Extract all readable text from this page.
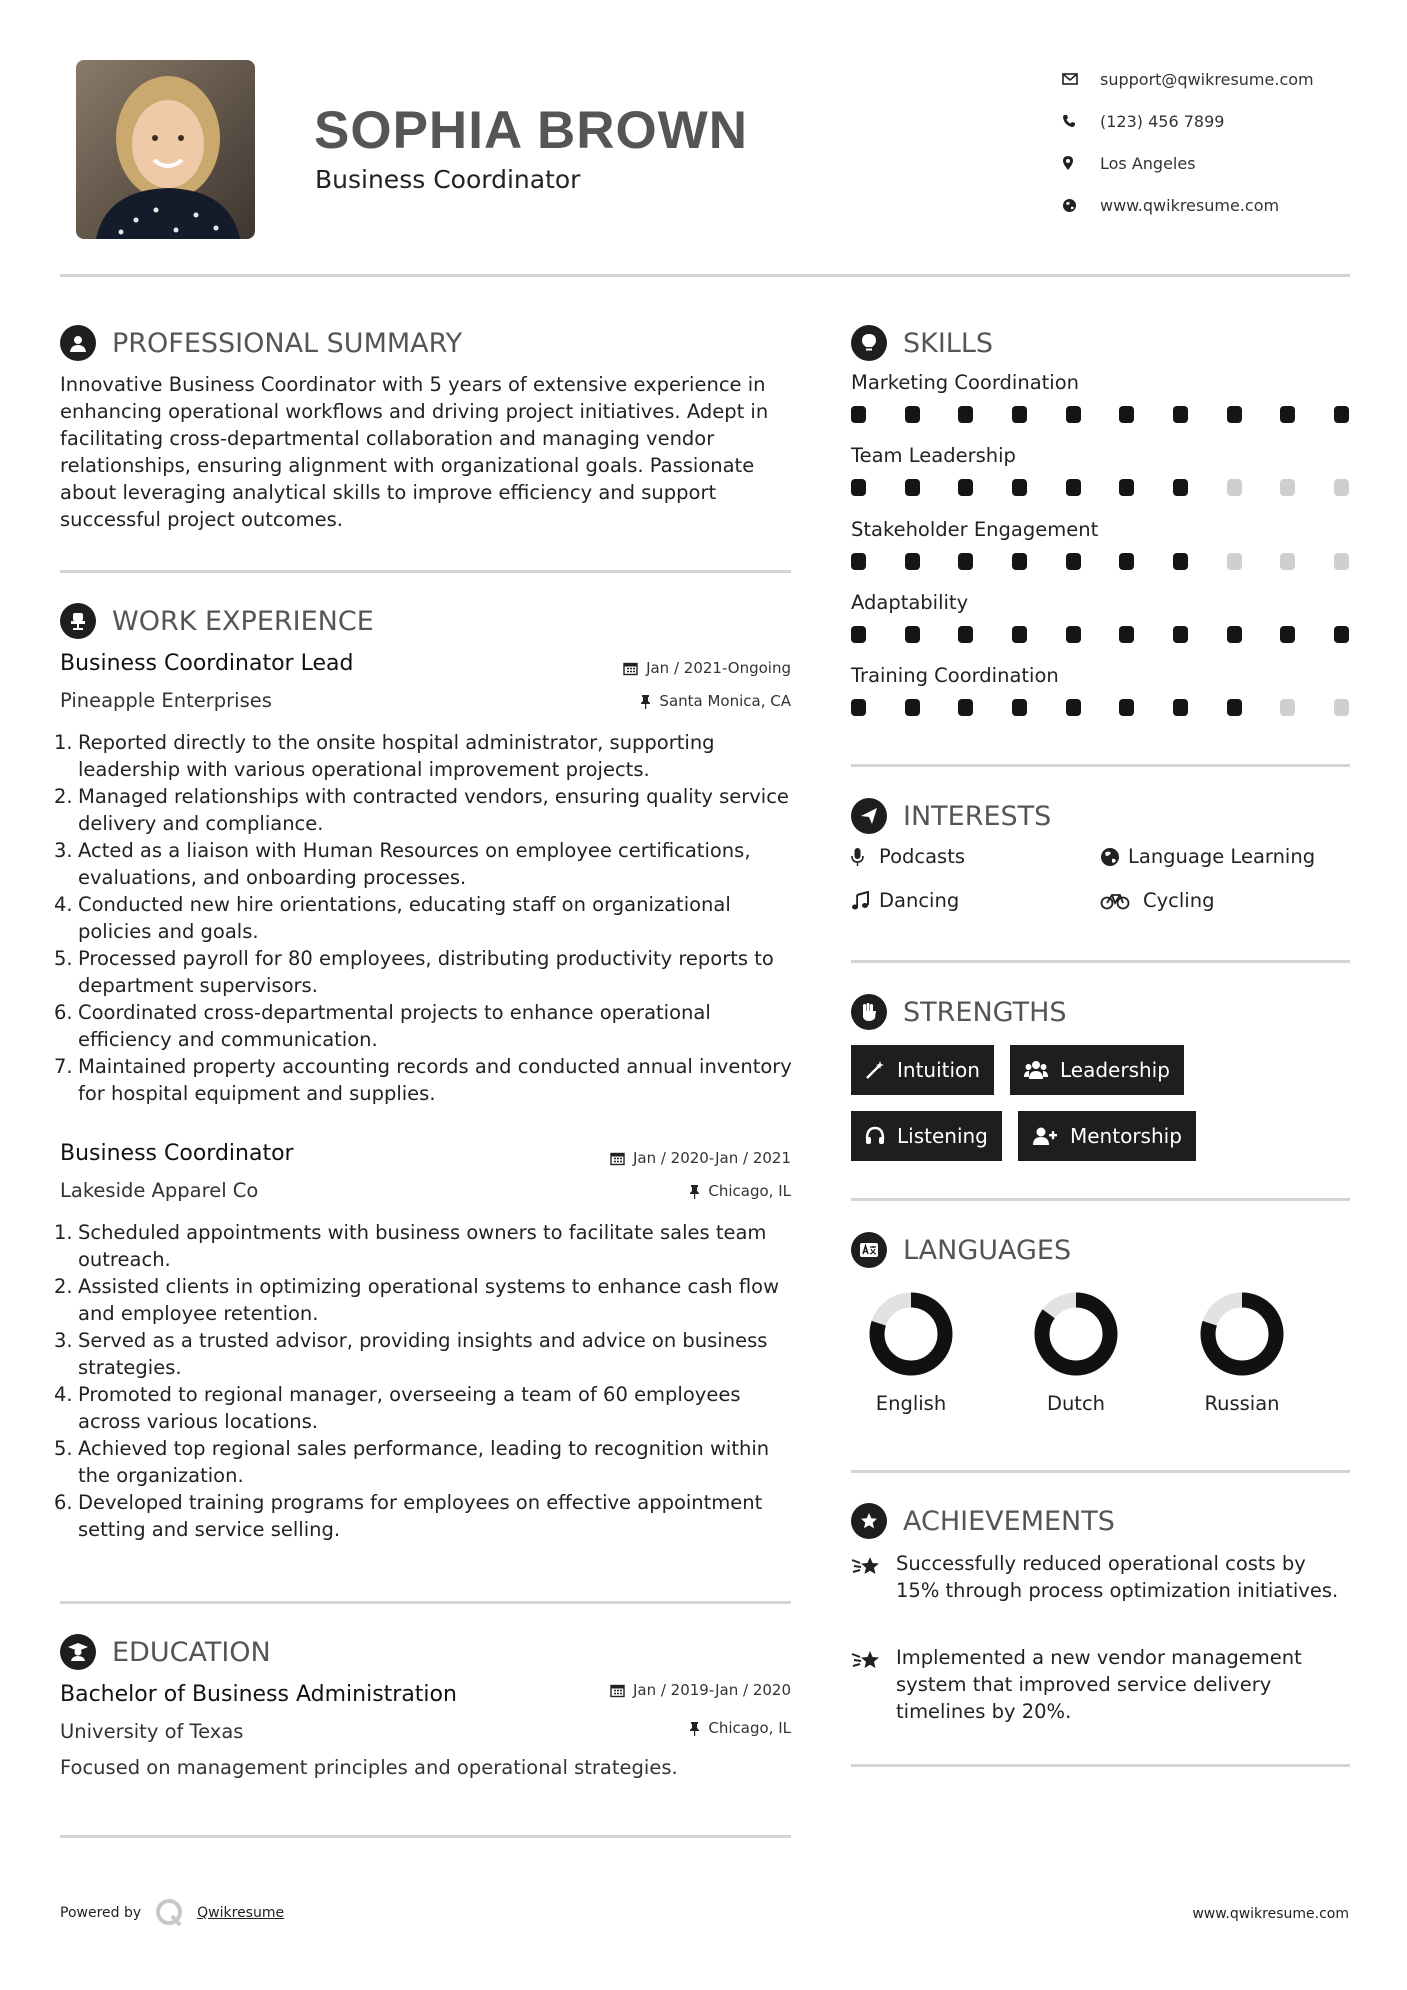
SOPHIA BROWN
Business Coordinator
support@qwikresume.com
(123) 456 7899
Los Angeles
www.qwikresume.com
PROFESSIONAL SUMMARY

Innovative Business Coordinator with 5 years of extensive experience in enhancing operational workflows and driving project initiatives. Adept in facilitating cross-departmental collaboration and managing vendor relationships, ensuring alignment with organizational goals. Passionate about leveraging analytical skills to improve efficiency and support successful project outcomes.

WORK EXPERIENCE
Business Coordinator Lead	Jan / 2021-Ongoing
Pineapple Enterprises	Santa Monica, CA
1. Reported directly to the onsite hospital administrator, supporting leadership with various operational improvement projects.
2. Managed relationships with contracted vendors, ensuring quality service delivery and compliance.
3. Acted as a liaison with Human Resources on employee certifications, evaluations, and onboarding processes.
4. Conducted new hire orientations, educating staff on organizational policies and goals.
5. Processed payroll for 80 employees, distributing productivity reports to department supervisors.
6. Coordinated cross-departmental projects to enhance operational efficiency and communication.
7. Maintained property accounting records and conducted annual inventory for hospital equipment and supplies.
Business Coordinator	Jan / 2020-Jan / 2021
Lakeside Apparel Co	Chicago, IL
1. Scheduled appointments with business owners to facilitate sales team outreach.
2. Assisted clients in optimizing operational systems to enhance cash flow and employee retention.
3. Served as a trusted advisor, providing insights and advice on business strategies.
4. Promoted to regional manager, overseeing a team of 60 employees across various locations.
5. Achieved top regional sales performance, leading to recognition within the organization.
6. Developed training programs for employees on effective appointment setting and service selling.
EDUCATION
Bachelor of Business Administration	Jan / 2019-Jan / 2020
University of Texas	Chicago, IL
Focused on management principles and operational strategies.
SKILLS
Marketing Coordination
Team Leadership
Stakeholder Engagement
Adaptability
Training Coordination
INTERESTS
Podcasts	Language Learning
Dancing	Cycling
STRENGTHS
Intuition	Leadership
Listening	Mentorship
LANGUAGES
English	Dutch	Russian
ACHIEVEMENTS
Successfully reduced operational costs by 15% through process optimization initiatives.
Implemented a new vendor management system that improved service delivery timelines by 20%.
Powered by	Qwikresume	www.qwikresume.com
